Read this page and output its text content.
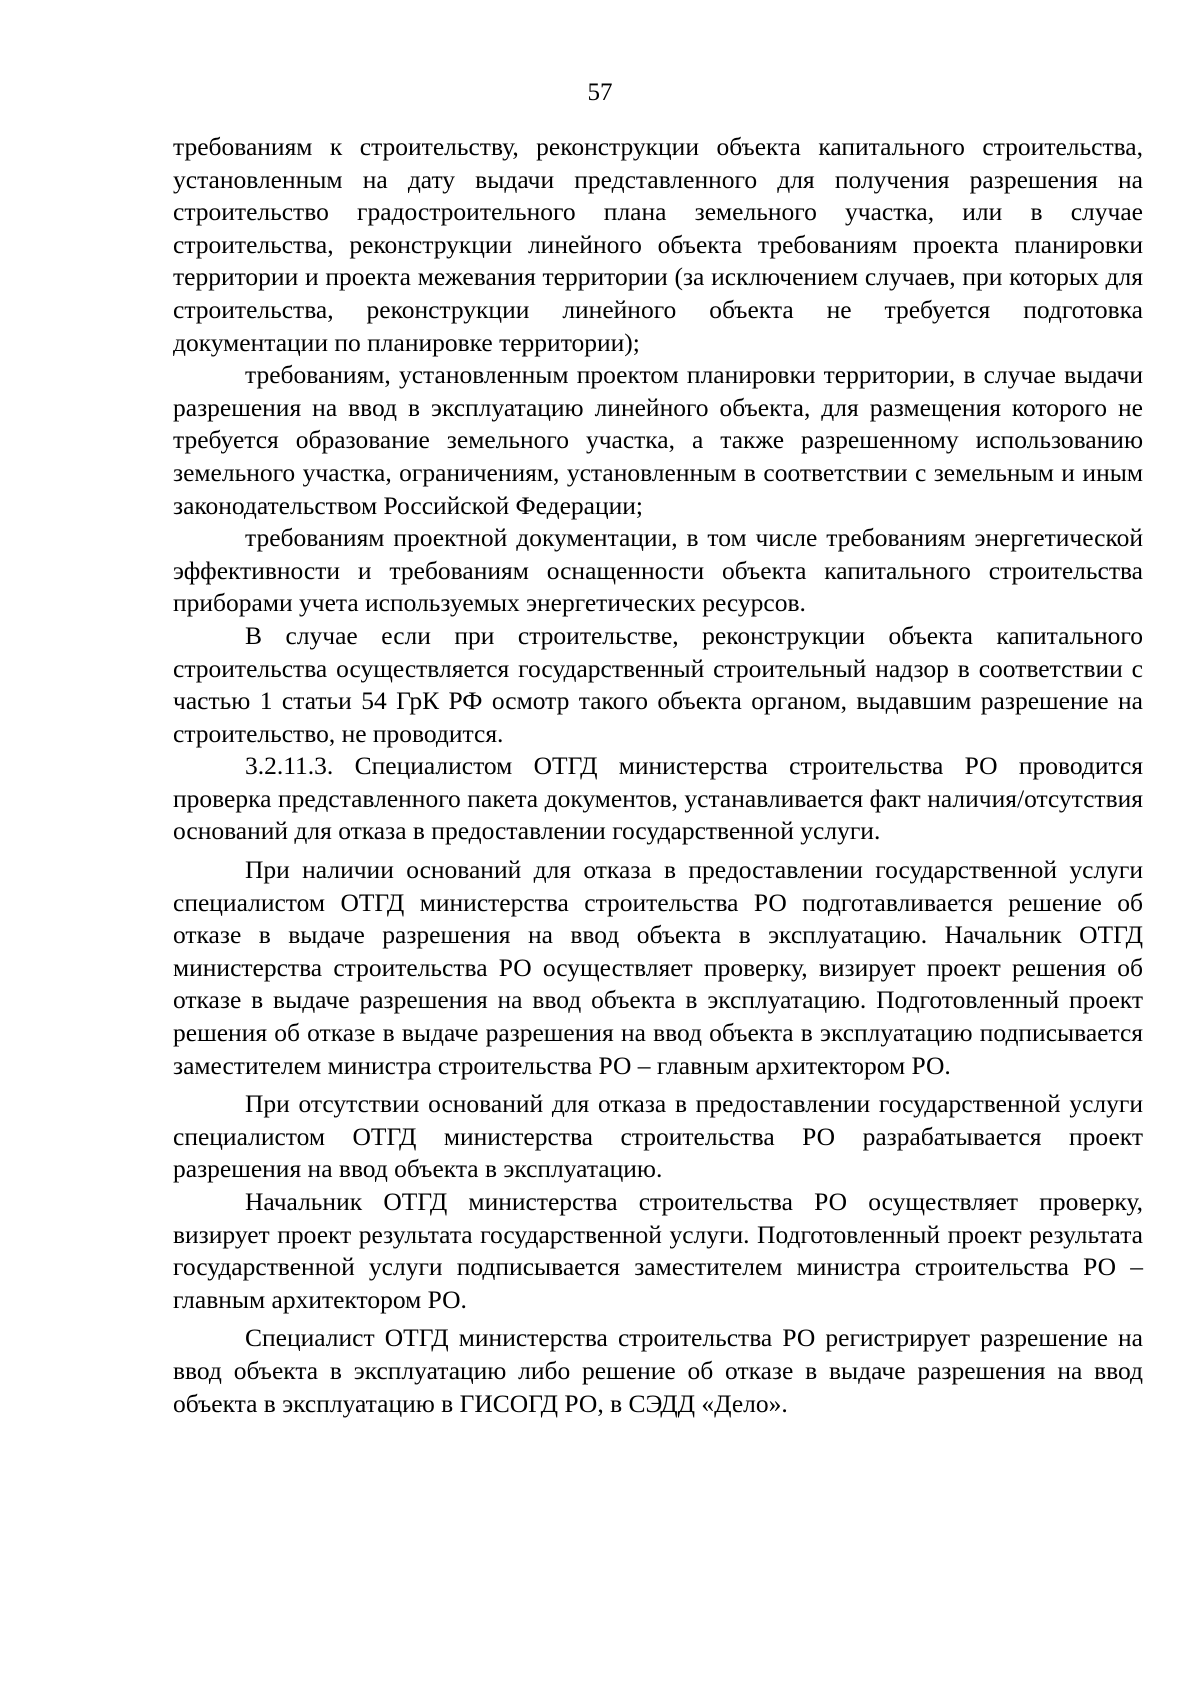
57

требованиям к строительству, реконструкции объекта капитального строительства, установленным на дату выдачи представленного для получения разрешения на строительство градостроительного плана земельного участка, или в случае строительства, реконструкции линейного объекта требованиям проекта планировки территории и проекта межевания территории (за исключением случаев, при которых для строительства, реконструкции линейного объекта не требуется подготовка документации по планировке территории);

требованиям, установленным проектом планировки территории, в случае выдачи разрешения на ввод в эксплуатацию линейного объекта, для размещения которого не требуется образование земельного участка, а также разрешенному использованию земельного участка, ограничениям, установленным в соответствии с земельным и иным законодательством Российской Федерации;

требованиям проектной документации, в том числе требованиям энергетической эффективности и требованиям оснащенности объекта капитального строительства приборами учета используемых энергетических ресурсов.

В случае если при строительстве, реконструкции объекта капитального строительства осуществляется государственный строительный надзор в соответствии с частью 1 статьи 54 ГрК РФ осмотр такого объекта органом, выдавшим разрешение на строительство, не проводится.

3.2.11.3. Специалистом ОТГД министерства строительства РО проводится проверка представленного пакета документов, устанавливается факт наличия/отсутствия оснований для отказа в предоставлении государственной услуги.

При наличии оснований для отказа в предоставлении государственной услуги специалистом ОТГД министерства строительства РО подготавливается решение об отказе в выдаче разрешения на ввод объекта в эксплуатацию. Начальник ОТГД министерства строительства РО осуществляет проверку, визирует проект решения об отказе в выдаче разрешения на ввод объекта в эксплуатацию. Подготовленный проект решения об отказе в выдаче разрешения на ввод объекта в эксплуатацию подписывается заместителем министра строительства РО – главным архитектором РО.

При отсутствии оснований для отказа в предоставлении государственной услуги специалистом ОТГД министерства строительства РО разрабатывается проект разрешения на ввод объекта в эксплуатацию.

Начальник ОТГД министерства строительства РО осуществляет проверку, визирует проект результата государственной услуги. Подготовленный проект результата государственной услуги подписывается заместителем министра строительства РО – главным архитектором РО.

Специалист ОТГД министерства строительства РО регистрирует разрешение на ввод объекта в эксплуатацию либо решение об отказе в выдаче разрешения на ввод объекта в эксплуатацию в ГИСОГД РО, в СЭДД «Дело».
